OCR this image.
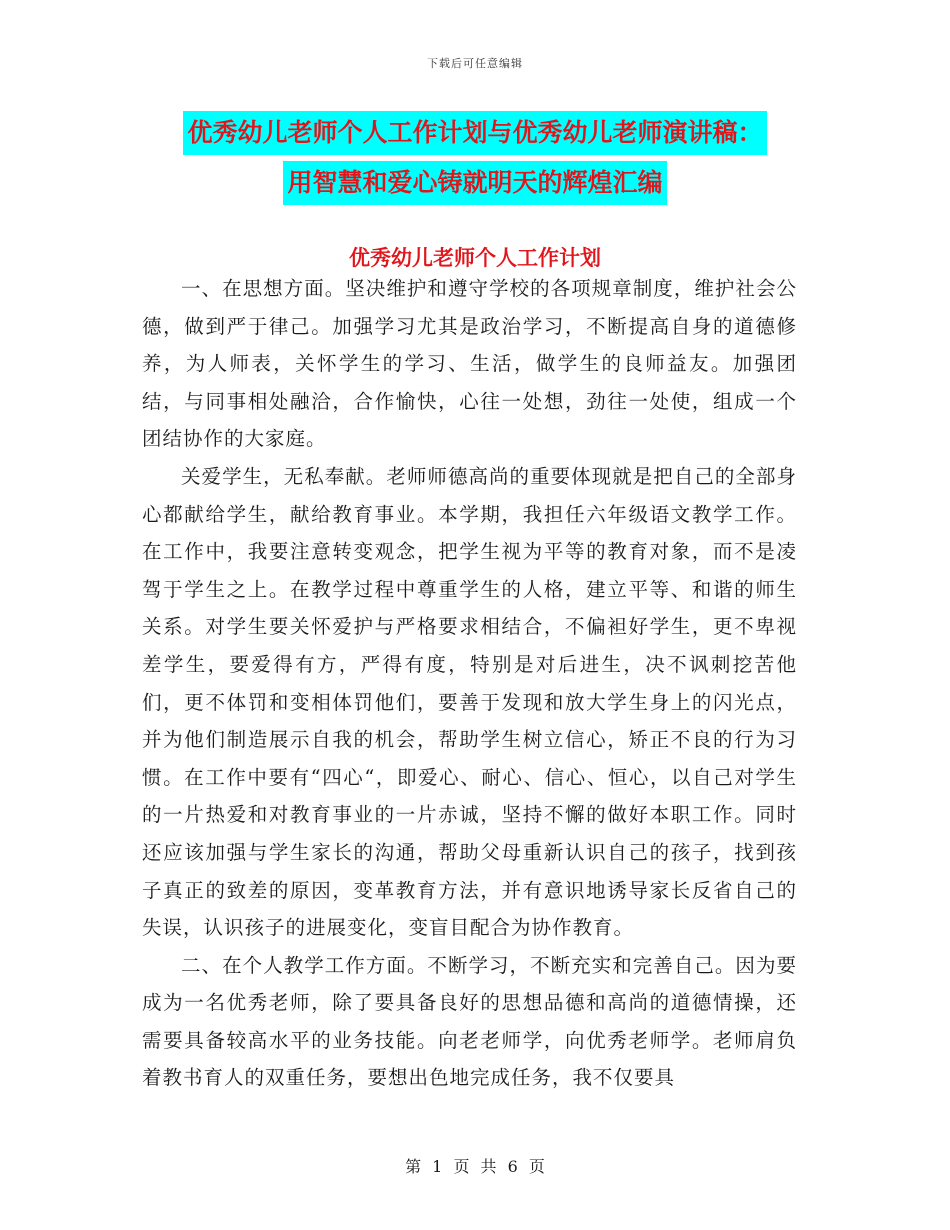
下载后可任意编辑
优秀幼儿老师个人工作计划与优秀幼儿老师演讲稿：
用智慧和爱心铸就明天的辉煌汇编
优秀幼儿老师个人工作计划

一、在思想方面。坚决维护和遵守学校的各项规章制度，维护社会公德，做到严于律己。加强学习尤其是政治学习，不断提高自身的道德修养，为人师表，关怀学生的学习、生活，做学生的良师益友。加强团结，与同事相处融洽，合作愉快，心往一处想，劲往一处使，组成一个团结协作的大家庭。

关爱学生，无私奉献。老师师德高尚的重要体现就是把自己的全部身心都献给学生，献给教育事业。本学期，我担任六年级语文教学工作。在工作中，我要注意转变观念，把学生视为平等的教育对象，而不是凌驾于学生之上。在教学过程中尊重学生的人格，建立平等、和谐的师生关系。对学生要关怀爱护与严格要求相结合，不偏袒好学生，更不卑视差学生，要爱得有方，严得有度，特别是对后进生，决不讽刺挖苦他们，更不体罚和变相体罚他们，要善于发现和放大学生身上的闪光点，并为他们制造展示自我的机会，帮助学生树立信心，矫正不良的行为习惯。在工作中要有“四心“，即爱心、耐心、信心、恒心，以自己对学生的一片热爱和对教育事业的一片赤诚，坚持不懈的做好本职工作。同时还应该加强与学生家长的沟通，帮助父母重新认识自己的孩子，找到孩子真正的致差的原因，变革教育方法，并有意识地诱导家长反省自己的失误，认识孩子的进展变化，变盲目配合为协作教育。

二、在个人教学工作方面。不断学习，不断充实和完善自己。因为要成为一名优秀老师，除了要具备良好的思想品德和高尚的道德情操，还需要具备较高水平的业务技能。向老老师学，向优秀老师学。老师肩负着教书育人的双重任务，要想出色地完成任务，我不仅要具

第 1 页 共 6 页
